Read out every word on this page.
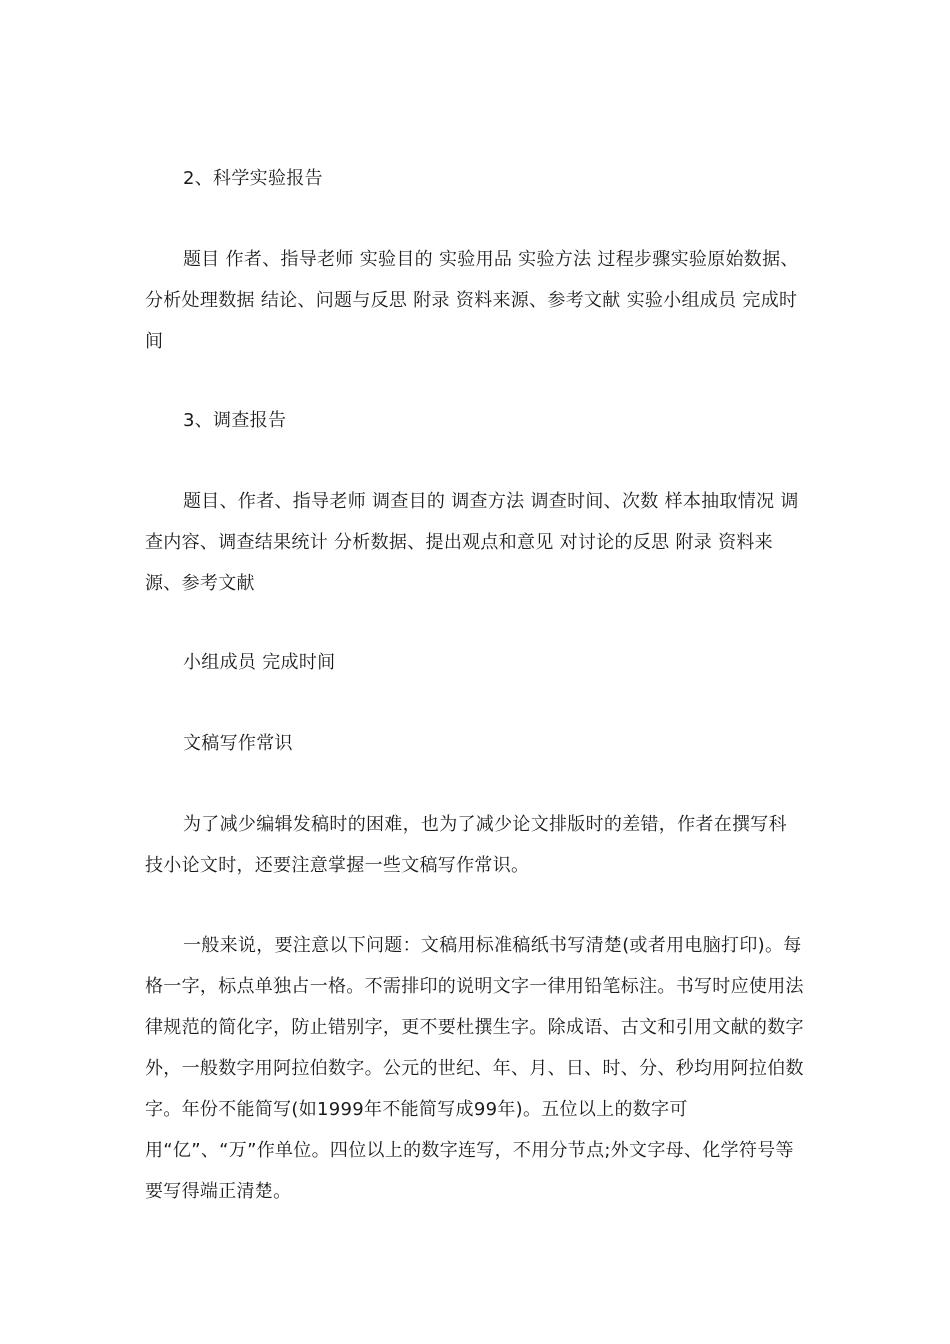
2、科学实验报告

题目 作者、指导老师 实验目的 实验用品 实验方法 过程步骤实验原始数据、分析处理数据 结论、问题与反思 附录 资料来源、参考文献 实验小组成员 完成时间

3、调查报告

题目、作者、指导老师 调查目的 调查方法 调查时间、次数 样本抽取情况 调查内容、调查结果统计 分析数据、提出观点和意见 对讨论的反思 附录 资料来源、参考文献

小组成员 完成时间

文稿写作常识

为了减少编辑发稿时的困难，也为了减少论文排版时的差错，作者在撰写科技小论文时，还要注意掌握一些文稿写作常识。

一般来说，要注意以下问题：文稿用标准稿纸书写清楚(或者用电脑打印)。每格一字，标点单独占一格。不需排印的说明文字一律用铅笔标注。书写时应使用法律规范的简化字，防止错别字，更不要杜撰生字。除成语、古文和引用文献的数字外，一般数字用阿拉伯数字。公元的世纪、年、月、日、时、分、秒均用阿拉伯数字。年份不能简写(如1999年不能简写成99年)。五位以上的数字可用“亿”、“万”作单位。四位以上的数字连写，不用分节点;外文字母、化学符号等要写得端正清楚。
